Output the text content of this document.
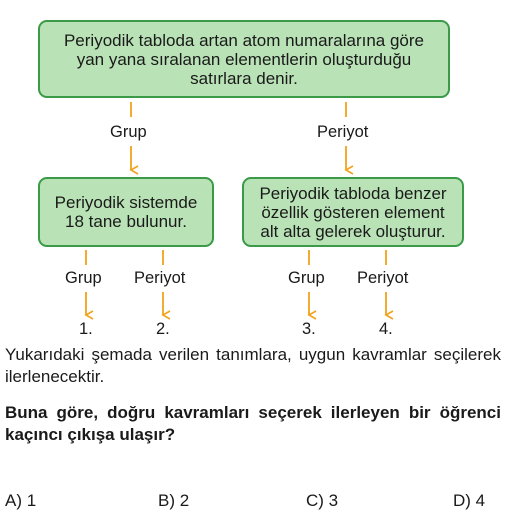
Periyodik tabloda artan atom numaralarına göre
yan yana sıralanan elementlerin oluşturduğu
satırlara denir.
Periyodik sistemde
18 tane bulunur.
Periyodik tabloda benzer
özellik gösteren element
alt alta gelerek oluşturur.
Grup	Periyot
Grup Periyot	Grup Periyot
1.	2.	3.	4.
Yukarıdaki şemada verilen tanımlara, uygun kavramlar seçilerek ilerlenecektir.
Buna göre, doğru kavramları seçerek ilerleyen bir öğrenci kaçıncı çıkışa ulaşır?
A) 1	B) 2	C) 3	D) 4
